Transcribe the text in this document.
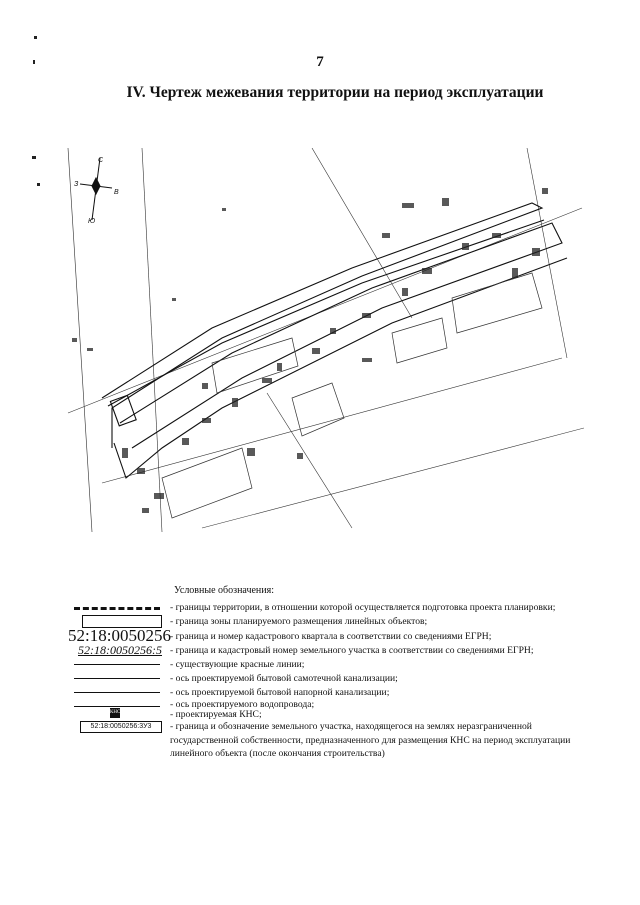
7
IV. Чертеж межевания территории на период эксплуатации
С
Ю
З
В
Условные обозначения:
- границы территории, в отношении которой осуществляется подготовка проекта планировки;
- граница зоны планируемого размещения линейных объектов;
52:18:0050256 - граница и номер кадастрового квартала в соответствии со сведениями ЕГРН;
52:18:0050256:5 - граница и кадастровый номер земельного участка в соответствии со сведениями ЕГРН;
- существующие красные линии;
- ось проектируемой бытовой самотечной канализации;
- ось проектируемой бытовой напорной канализации;
- ось проектируемого водопровода;
КНС	- проектируемая КНС;
52:18:0050256:3У3	- граница и обозначение земельного участка, находящегося на землях неразграниченной государственной собственности, предназначенного для размещения КНС на период эксплуатации линейного объекта (после окончания строительства)
